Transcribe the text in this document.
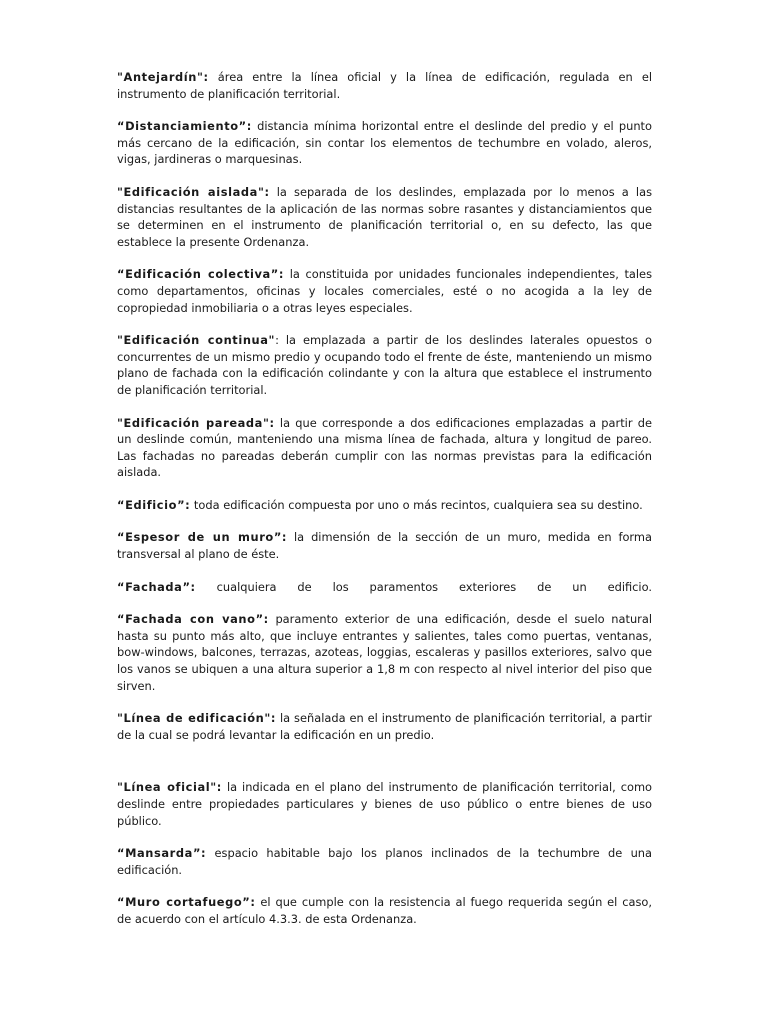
"Antejardín": área entre la línea oficial y la línea de edificación, regulada en el instrumento de planificación territorial.

“Distanciamiento”: distancia mínima horizontal entre el deslinde del predio y el punto más cercano de la edificación, sin contar los elementos de techumbre en volado, aleros, vigas, jardineras o marquesinas.

"Edificación aislada": la separada de los deslindes, emplazada por lo menos a las distancias resultantes de la aplicación de las normas sobre rasantes y distanciamientos que se determinen en el instrumento de planificación territorial o, en su defecto, las que establece la presente Ordenanza.

“Edificación colectiva”: la constituida por unidades funcionales independientes, tales como departamentos, oficinas y locales comerciales, esté o no acogida a la ley de copropiedad inmobiliaria o a otras leyes especiales.

"Edificación continua": la emplazada a partir de los deslindes laterales opuestos o concurrentes de un mismo predio y ocupando todo el frente de éste, manteniendo un mismo plano de fachada con la edificación colindante y con la altura que establece el instrumento de planificación territorial.

"Edificación pareada": la que corresponde a dos edificaciones emplazadas a partir de un deslinde común, manteniendo una misma línea de fachada, altura y longitud de pareo. Las fachadas no pareadas deberán cumplir con las normas previstas para la edificación aislada.

“Edificio”: toda edificación compuesta por uno o más recintos, cualquiera sea su destino.

“Espesor de un muro”: la dimensión de la sección de un muro, medida en forma transversal al plano de éste.

“Fachada”: cualquiera de los paramentos exteriores de un edificio.

“Fachada con vano”: paramento exterior de una edificación, desde el suelo natural hasta su punto más alto, que incluye entrantes y salientes, tales como puertas, ventanas, bow-windows, balcones, terrazas, azoteas, loggias, escaleras y pasillos exteriores, salvo que los vanos se ubiquen a una altura superior a 1,8 m con respecto al nivel interior del piso que sirven.

"Línea de edificación": la señalada en el instrumento de planificación territorial, a partir de la cual se podrá levantar la edificación en un predio.

"Línea oficial": la indicada en el plano del instrumento de planificación territorial, como deslinde entre propiedades particulares y bienes de uso público o entre bienes de uso público.

“Mansarda”: espacio habitable bajo los planos inclinados de la techumbre de una edificación.

“Muro cortafuego”: el que cumple con la resistencia al fuego requerida según el caso, de acuerdo con el artículo 4.3.3. de esta Ordenanza.
